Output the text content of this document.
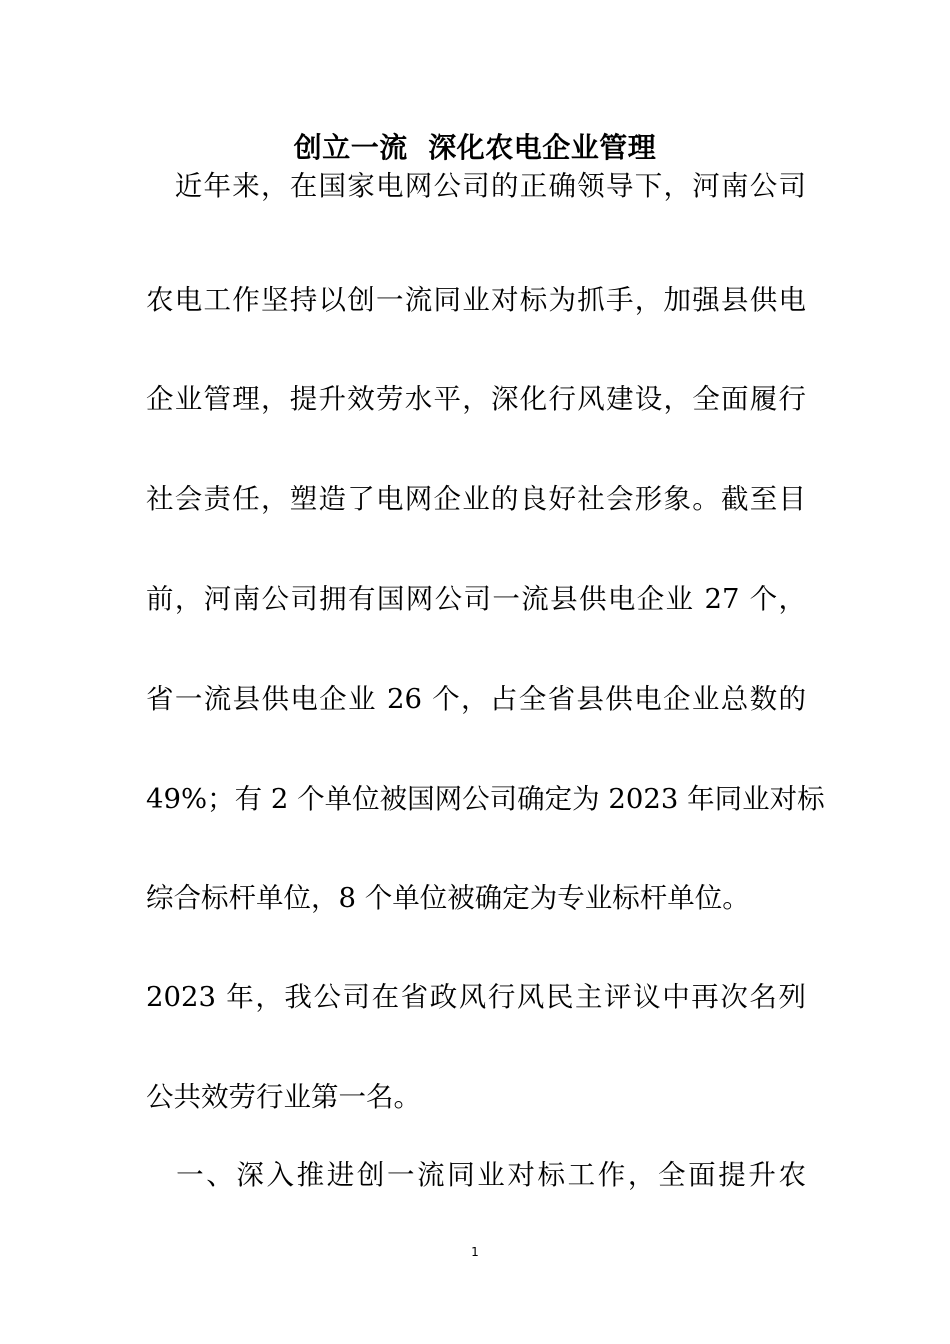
创立一流  深化农电企业管理
　近年来，在国家电网公司的正确领导下，河南公司
农电工作坚持以创一流同业对标为抓手，加强县供电
企业管理，提升效劳水平，深化行风建设，全面履行
社会责任，塑造了电网企业的良好社会形象。截至目
前，河南公司拥有国网公司一流县供电企业 27 个，
省一流县供电企业 26 个，占全省县供电企业总数的
49%；有 2 个单位被国网公司确定为 2023 年同业对标
综合标杆单位，8 个单位被确定为专业标杆单位。
2023 年，我公司在省政风行风民主评议中再次名列
公共效劳行业第一名。
　一、深入推进创一流同业对标工作，全面提升农
1
